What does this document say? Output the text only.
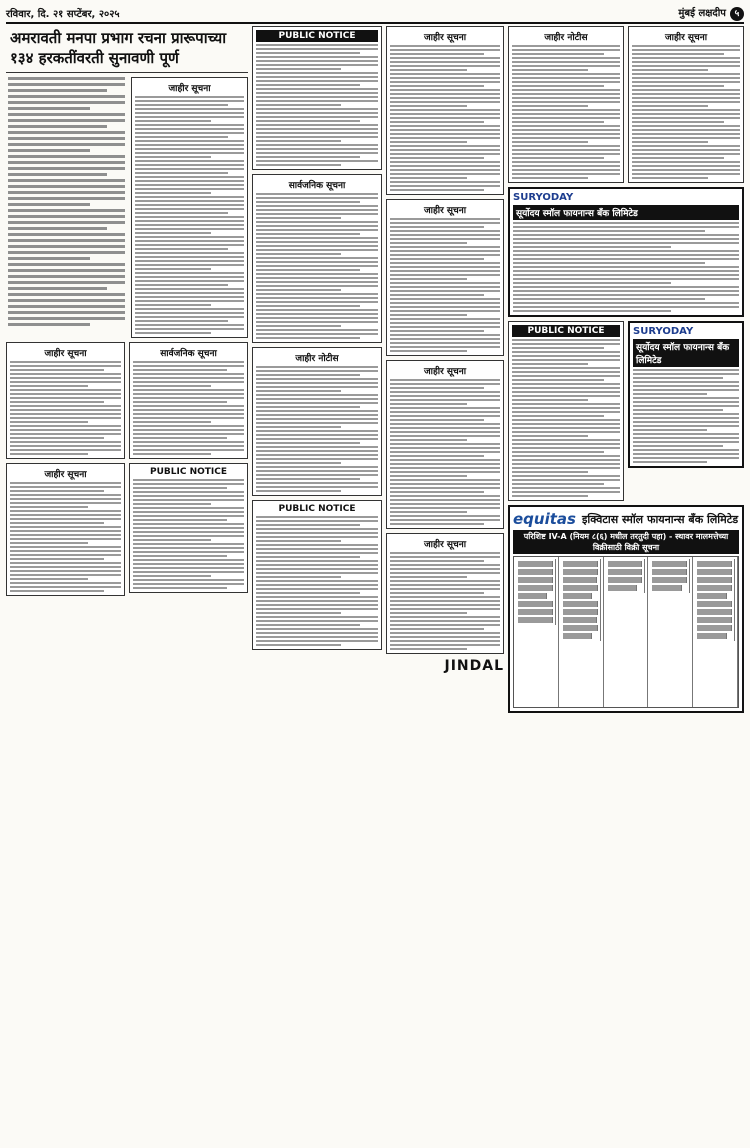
रविवार, दि. २१ सप्टेंबर, २०२५	मुंबई लक्षदीप ५
अमरावती मनपा प्रभाग रचना प्रारूपाच्या १३४ हरकतींवरती सुनावणी पूर्ण
जाहीर सूचना
जाहीर सूचना
जाहीर सूचना
सार्वजनिक सूचना
PUBLIC NOTICE
PUBLIC NOTICE
सार्वजनिक सूचना
जाहीर नोटीस
PUBLIC NOTICE
जाहीर सूचना
जाहीर सूचना
जाहीर सूचना
जाहीर सूचना
JINDAL
जाहीर नोटीस	जाहीर सूचना
SURYODAY
सूर्योदय स्मॉल फायनान्स बँक लिमिटेड
PUBLIC NOTICE	SURYODAY
सूर्योदय स्मॉल फायनान्स बँक लिमिटेड
equitas इक्विटास स्मॉल फायनान्स बँक लिमिटेड
परिशिष्ट IV-A (नियम ८(६) मधील तरतुदी पहा) - स्थावर मालमत्तेच्या विक्रीसाठी विक्री सूचना
